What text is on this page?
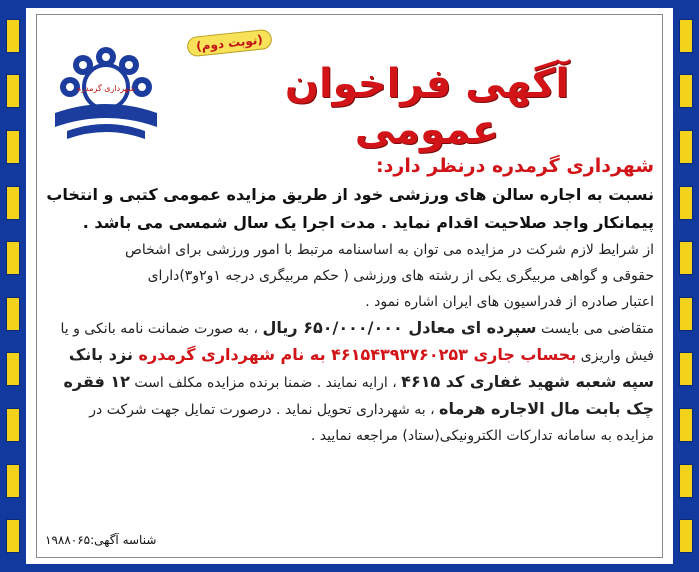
شهرداری گرمدره
(نوبت دوم)
آگهی فراخوان عمومی
شهرداری گرمدره درنظر دارد:
نسبت به اجاره سالن های ورزشی خود از طریق مزایده عمومی کتبی و انتخاب
پیمانکار واجد صلاحیت اقدام نماید . مدت اجرا یک سال شمسی می باشد .
از شرایط لازم شرکت در مزایده می توان به اساسنامه مرتبط با امور ورزشی برای اشخاص
حقوقی و گواهی مربیگری یکی از رشته های ورزشی ( حکم مربیگری درجه ۱و۲و۳)دارای
اعتبار صادره از فدراسیون های ایران اشاره نمود .
متقاضی می بایست سپرده ای معادل ۶۵۰/۰۰۰/۰۰۰ ریال ، به صورت ضمانت نامه بانکی و یا
فیش واریزی بحساب جاری ۴۶۱۵۴۳۹۳۷۶۰۲۵۳ به نام شهرداری گرمدره نزد بانک
سپه شعبه شهید غفاری کد ۴۶۱۵ ، ارایه نمایند . ضمنا برنده مزایده مکلف است ۱۲ فقره
چک بابت مال الاجاره هرماه ، به شهرداری تحویل نماید . درصورت تمایل جهت شرکت در
مزایده به سامانه تدارکات الکترونیکی(ستاد) مراجعه نمایید .
شناسه آگهی:۱۹۸۸۰۶۵
